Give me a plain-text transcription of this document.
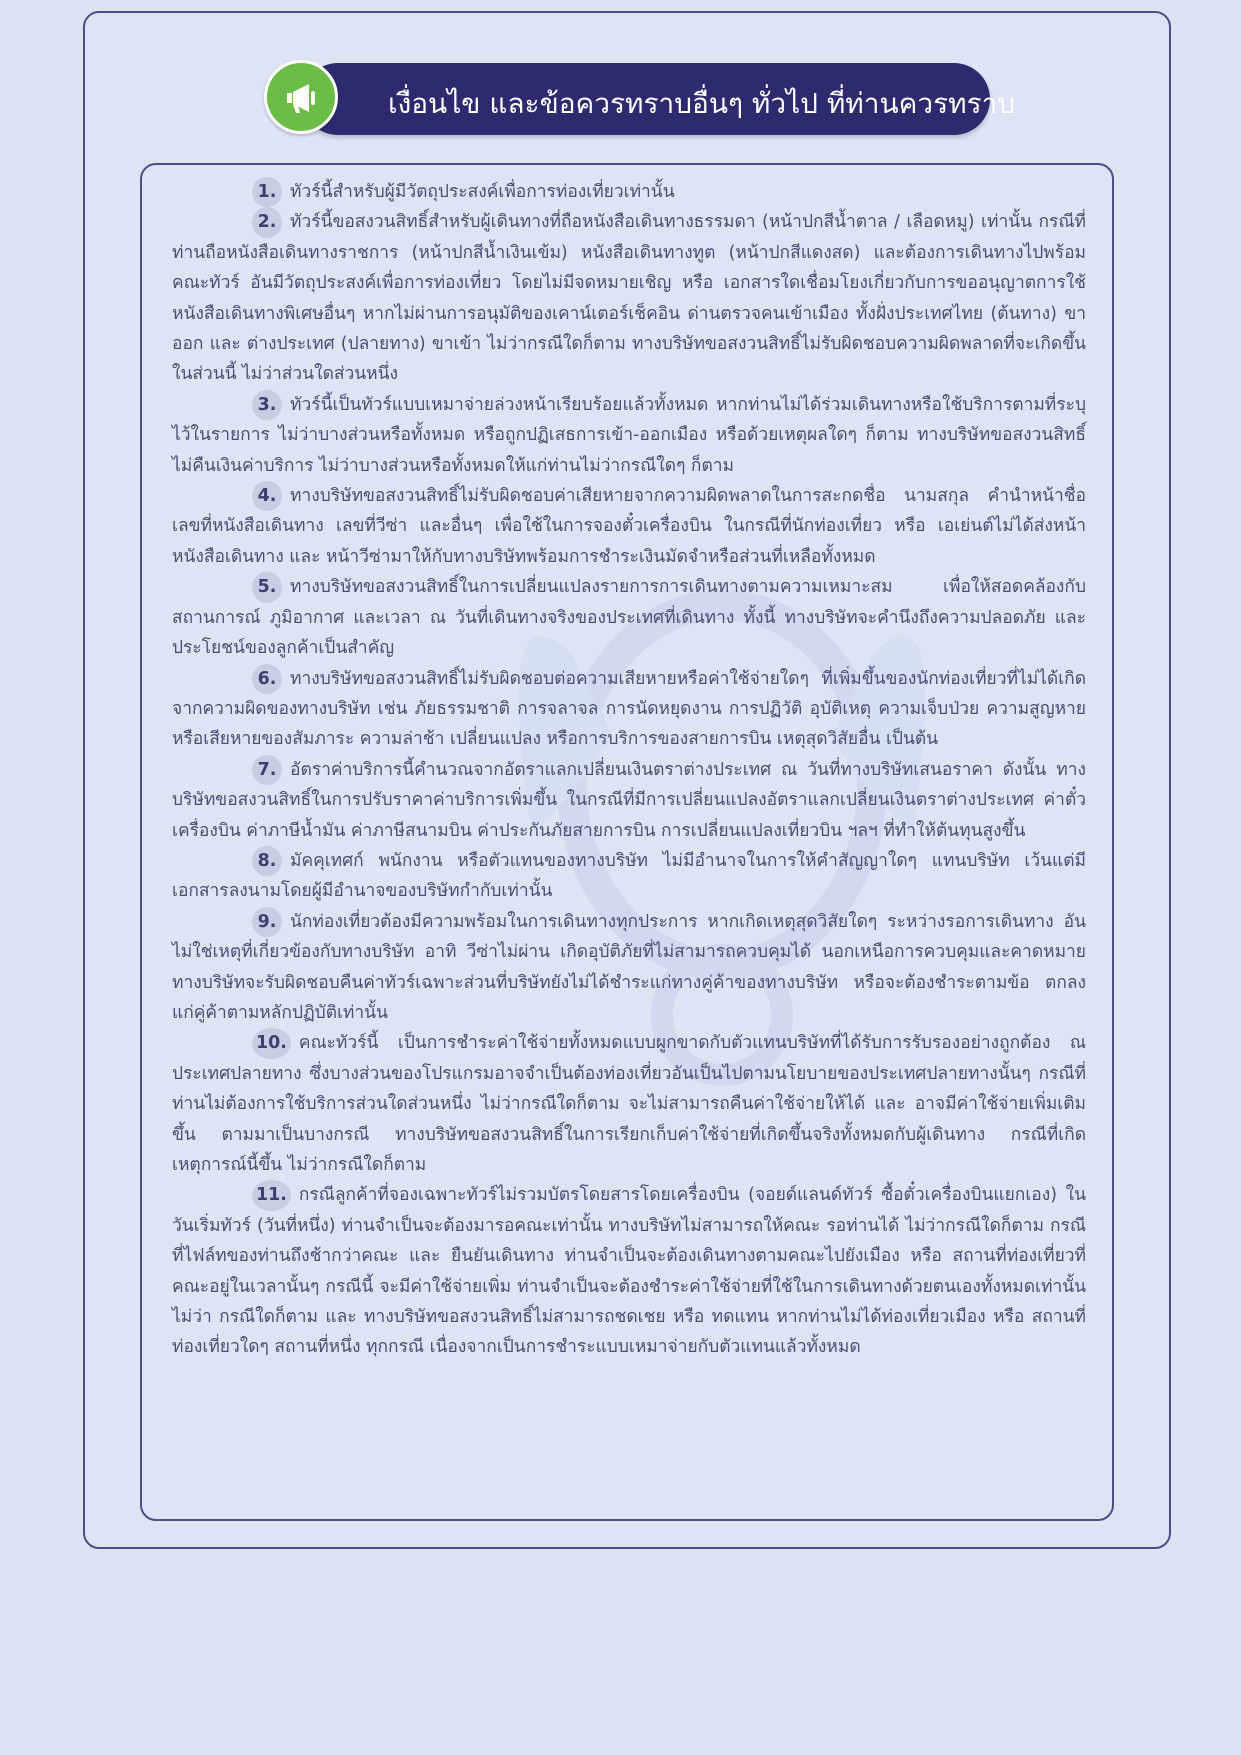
เงื่อนไข และข้อควรทราบอื่นๆ ทั่วไป ที่ท่านควรทราบ

1. ทัวร์นี้สำหรับผู้มีวัตถุประสงค์เพื่อการท่องเที่ยวเท่านั้น

2. ทัวร์นี้ขอสงวนสิทธิ์สำหรับผู้เดินทางที่ถือหนังสือเดินทางธรรมดา (หน้าปกสีน้ำตาล / เลือดหมู) เท่านั้น กรณีที่ท่านถือหนังสือเดินทางราชการ (หน้าปกสีน้ำเงินเข้ม) หนังสือเดินทางทูต (หน้าปกสีแดงสด) และต้องการเดินทางไปพร้อมคณะทัวร์ อันมีวัตถุประสงค์เพื่อการท่องเที่ยว โดยไม่มีจดหมายเชิญ หรือ เอกสารใดเชื่อมโยงเกี่ยวกับการขออนุญาตการใช้หนังสือเดินทางพิเศษอื่นๆ หากไม่ผ่านการอนุมัติของเคาน์เตอร์เช็คอิน ด่านตรวจคนเข้าเมือง ทั้งฝั่งประเทศไทย (ต้นทาง) ขาออก และ ต่างประเทศ (ปลายทาง) ขาเข้า ไม่ว่ากรณีใดก็ตาม ทางบริษัทขอสงวนสิทธิ์ไม่รับผิดชอบความผิดพลาดที่จะเกิดขึ้นในส่วนนี้ ไม่ว่าส่วนใดส่วนหนึ่ง

3. ทัวร์นี้เป็นทัวร์แบบเหมาจ่ายล่วงหน้าเรียบร้อยแล้วทั้งหมด หากท่านไม่ได้ร่วมเดินทางหรือใช้บริการตามที่ระบุไว้ในรายการ ไม่ว่าบางส่วนหรือทั้งหมด หรือถูกปฏิเสธการเข้า-ออกเมือง หรือด้วยเหตุผลใดๆ ก็ตาม ทางบริษัทขอสงวนสิทธิ์ไม่คืนเงินค่าบริการ ไม่ว่าบางส่วนหรือทั้งหมดให้แก่ท่านไม่ว่ากรณีใดๆ ก็ตาม

4. ทางบริษัทขอสงวนสิทธิ์ไม่รับผิดชอบค่าเสียหายจากความผิดพลาดในการสะกดชื่อ นามสกุล คำนำหน้าชื่อ เลขที่หนังสือเดินทาง เลขที่วีซ่า และอื่นๆ เพื่อใช้ในการจองตั๋วเครื่องบิน ในกรณีที่นักท่องเที่ยว หรือ เอเย่นต์ไม่ได้ส่งหน้าหนังสือเดินทาง และ หน้าวีซ่ามาให้กับทางบริษัทพร้อมการชำระเงินมัดจำหรือส่วนที่เหลือทั้งหมด

5. ทางบริษัทขอสงวนสิทธิ์ในการเปลี่ยนแปลงรายการการเดินทางตามความเหมาะสม เพื่อให้สอดคล้องกับ สถานการณ์ ภูมิอากาศ และเวลา ณ วันที่เดินทางจริงของประเทศที่เดินทาง ทั้งนี้ ทางบริษัทจะคำนึงถึงความปลอดภัย และ ประโยชน์ของลูกค้าเป็นสำคัญ

6. ทางบริษัทขอสงวนสิทธิ์ไม่รับผิดชอบต่อความเสียหายหรือค่าใช้จ่ายใดๆ ที่เพิ่มขึ้นของนักท่องเที่ยวที่ไม่ได้เกิดจากความผิดของทางบริษัท เช่น ภัยธรรมชาติ การจลาจล การนัดหยุดงาน การปฏิวัติ อุบัติเหตุ ความเจ็บป่วย ความสูญหายหรือเสียหายของสัมภาระ ความล่าช้า เปลี่ยนแปลง หรือการบริการของสายการบิน เหตุสุดวิสัยอื่น เป็นต้น

7. อัตราค่าบริการนี้คำนวณจากอัตราแลกเปลี่ยนเงินตราต่างประเทศ ณ วันที่ทางบริษัทเสนอราคา ดังนั้น ทางบริษัทขอสงวนสิทธิ์ในการปรับราคาค่าบริการเพิ่มขึ้น ในกรณีที่มีการเปลี่ยนแปลงอัตราแลกเปลี่ยนเงินตราต่างประเทศ ค่าตั๋ว เครื่องบิน ค่าภาษีน้ำมัน ค่าภาษีสนามบิน ค่าประกันภัยสายการบิน การเปลี่ยนแปลงเที่ยวบิน ฯลฯ ที่ทำให้ต้นทุนสูงขึ้น

8. มัคคุเทศก์ พนักงาน หรือตัวแทนของทางบริษัท ไม่มีอำนาจในการให้คำสัญญาใดๆ แทนบริษัท เว้นแต่มีเอกสารลงนามโดยผู้มีอำนาจของบริษัทกำกับเท่านั้น

9. นักท่องเที่ยวต้องมีความพร้อมในการเดินทางทุกประการ หากเกิดเหตุสุดวิสัยใดๆ ระหว่างรอการเดินทาง อันไม่ใช่เหตุที่เกี่ยวข้องกับทางบริษัท อาทิ วีซ่าไม่ผ่าน เกิดอุบัติภัยที่ไม่สามารถควบคุมได้ นอกเหนือการควบคุมและคาดหมาย ทางบริษัทจะรับผิดชอบคืนค่าทัวร์เฉพาะส่วนที่บริษัทยังไม่ได้ชำระแก่ทางคู่ค้าของทางบริษัท หรือจะต้องชำระตามข้อ ตกลงแก่คู่ค้าตามหลักปฏิบัติเท่านั้น

10. คณะทัวร์นี้ เป็นการชำระค่าใช้จ่ายทั้งหมดแบบผูกขาดกับตัวแทนบริษัทที่ได้รับการรับรองอย่างถูกต้อง ณ ประเทศปลายทาง ซึ่งบางส่วนของโปรแกรมอาจจำเป็นต้องท่องเที่ยวอันเป็นไปตามนโยบายของประเทศปลายทางนั้นๆ กรณีที่ท่านไม่ต้องการใช้บริการส่วนใดส่วนหนึ่ง ไม่ว่ากรณีใดก็ตาม จะไม่สามารถคืนค่าใช้จ่ายให้ได้ และ อาจมีค่าใช้จ่ายเพิ่มเติมขึ้น ตามมาเป็นบางกรณี ทางบริษัทขอสงวนสิทธิ์ในการเรียกเก็บค่าใช้จ่ายที่เกิดขึ้นจริงทั้งหมดกับผู้เดินทาง กรณีที่เกิดเหตุการณ์นี้ขึ้น ไม่ว่ากรณีใดก็ตาม

11. กรณีลูกค้าที่จองเฉพาะทัวร์ไม่รวมบัตรโดยสารโดยเครื่องบิน (จอยด์แลนด์ทัวร์ ซื้อตั๋วเครื่องบินแยกเอง) ในวันเริ่มทัวร์ (วันที่หนึ่ง) ท่านจำเป็นจะต้องมารอคณะเท่านั้น ทางบริษัทไม่สามารถให้คณะ รอท่านได้ ไม่ว่ากรณีใดก็ตาม กรณีที่ไฟล์ทของท่านถึงช้ากว่าคณะ และ ยืนยันเดินทาง ท่านจำเป็นจะต้องเดินทางตามคณะไปยังเมือง หรือ สถานที่ท่องเที่ยวที่คณะอยู่ในเวลานั้นๆ กรณีนี้ จะมีค่าใช้จ่ายเพิ่ม ท่านจำเป็นจะต้องชำระค่าใช้จ่ายที่ใช้ในการเดินทางด้วยตนเองทั้งหมดเท่านั้น ไม่ว่า กรณีใดก็ตาม และ ทางบริษัทขอสงวนสิทธิ์ไม่สามารถชดเชย หรือ ทดแทน หากท่านไม่ได้ท่องเที่ยวเมือง หรือ สถานที่ท่องเที่ยวใดๆ สถานที่หนึ่ง ทุกกรณี เนื่องจากเป็นการชำระแบบเหมาจ่ายกับตัวแทนแล้วทั้งหมด
